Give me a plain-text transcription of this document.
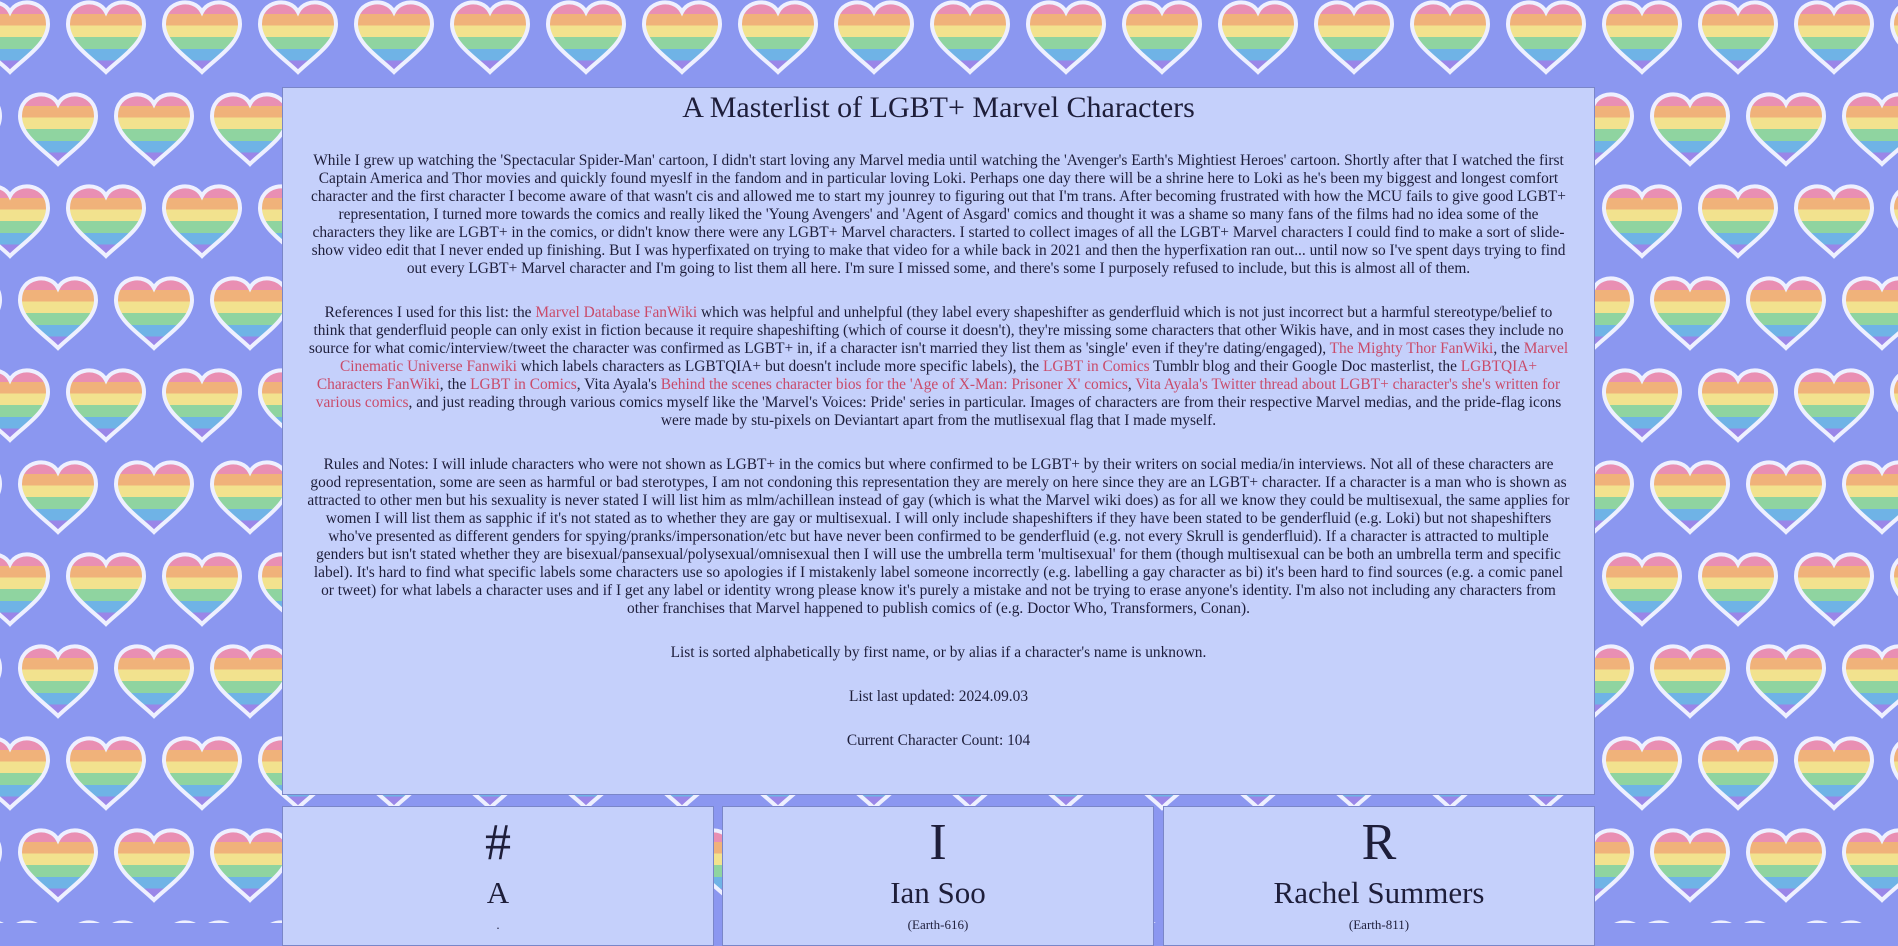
A Masterlist of LGBT+ Marvel Characters

While I grew up watching the 'Spectacular Spider-Man' cartoon, I didn't start loving any Marvel media until watching the 'Avenger's Earth's Mightiest Heroes' cartoon. Shortly after that I watched the first Captain America and Thor movies and quickly found myeslf in the fandom and in particular loving Loki. Perhaps one day there will be a shrine here to Loki as he's been my biggest and longest comfort character and the first character I become aware of that wasn't cis and allowed me to start my jounrey to figuring out that I'm trans. After becoming frustrated with how the MCU fails to give good LGBT+ representation, I turned more towards the comics and really liked the 'Young Avengers' and 'Agent of Asgard' comics and thought it was a shame so many fans of the films had no idea some of the characters they like are LGBT+ in the comics, or didn't know there were any LGBT+ Marvel characters. I started to collect images of all the LGBT+ Marvel characters I could find to make a sort of slide-show video edit that I never ended up finishing. But I was hyperfixated on trying to make that video for a while back in 2021 and then the hyperfixation ran out... until now so I've spent days trying to find out every LGBT+ Marvel character and I'm going to list them all here. I'm sure I missed some, and there's some I purposely refused to include, but this is almost all of them.

References I used for this list: the Marvel Database FanWiki which was helpful and unhelpful (they label every shapeshifter as genderfluid which is not just incorrect but a harmful stereotype/belief to think that genderfluid people can only exist in fiction because it require shapeshifting (which of course it doesn't), they're missing some characters that other Wikis have, and in most cases they include no source for what comic/interview/tweet the character was confirmed as LGBT+ in, if a character isn't married they list them as 'single' even if they're dating/engaged), The Mighty Thor FanWiki, the Marvel Cinematic Universe Fanwiki which labels characters as LGBTQIA+ but doesn't include more specific labels), the LGBT in Comics Tumblr blog and their Google Doc masterlist, the LGBTQIA+ Characters FanWiki, the LGBT in Comics, Vita Ayala's Behind the scenes character bios for the 'Age of X-Man: Prisoner X' comics, Vita Ayala's Twitter thread about LGBT+ character's she's written for various comics, and just reading through various comics myself like the 'Marvel's Voices: Pride' series in particular. Images of characters are from their respective Marvel medias, and the pride-flag icons were made by stu-pixels on Deviantart apart from the mutlisexual flag that I made myself.

Rules and Notes: I will inlude characters who were not shown as LGBT+ in the comics but where confirmed to be LGBT+ by their writers on social media/in interviews. Not all of these characters are good representation, some are seen as harmful or bad sterotypes, I am not condoning this representation they are merely on here since they are an LGBT+ character. If a character is a man who is shown as attracted to other men but his sexuality is never stated I will list him as mlm/achillean instead of gay (which is what the Marvel wiki does) as for all we know they could be multisexual, the same applies for women I will list them as sapphic if it's not stated as to whether they are gay or multisexual. I will only include shapeshifters if they have been stated to be genderfluid (e.g. Loki) but not shapeshifters who've presented as different genders for spying/pranks/impersonation/etc but have never been confirmed to be genderfluid (e.g. not every Skrull is genderfluid). If a character is attracted to multiple genders but isn't stated whether they are bisexual/pansexual/polysexual/omnisexual then I will use the umbrella term 'multisexual' for them (though multisexual can be both an umbrella term and specific label). It's hard to find what specific labels some characters use so apologies if I mistakenly label someone incorrectly (e.g. labelling a gay character as bi) it's been hard to find sources (e.g. a comic panel or tweet) for what labels a character uses and if I get any label or identity wrong please know it's purely a mistake and not be trying to erase anyone's identity. I'm also not including any characters from other franchises that Marvel happened to publish comics of (e.g. Doctor Who, Transformers, Conan).

List is sorted alphabetically by first name, or by alias if a character's name is unknown.

List last updated: 2024.09.03

Current Character Count: 104

#
A
.
I
Ian Soo
(Earth-616)
R
Rachel Summers
(Earth-811)
